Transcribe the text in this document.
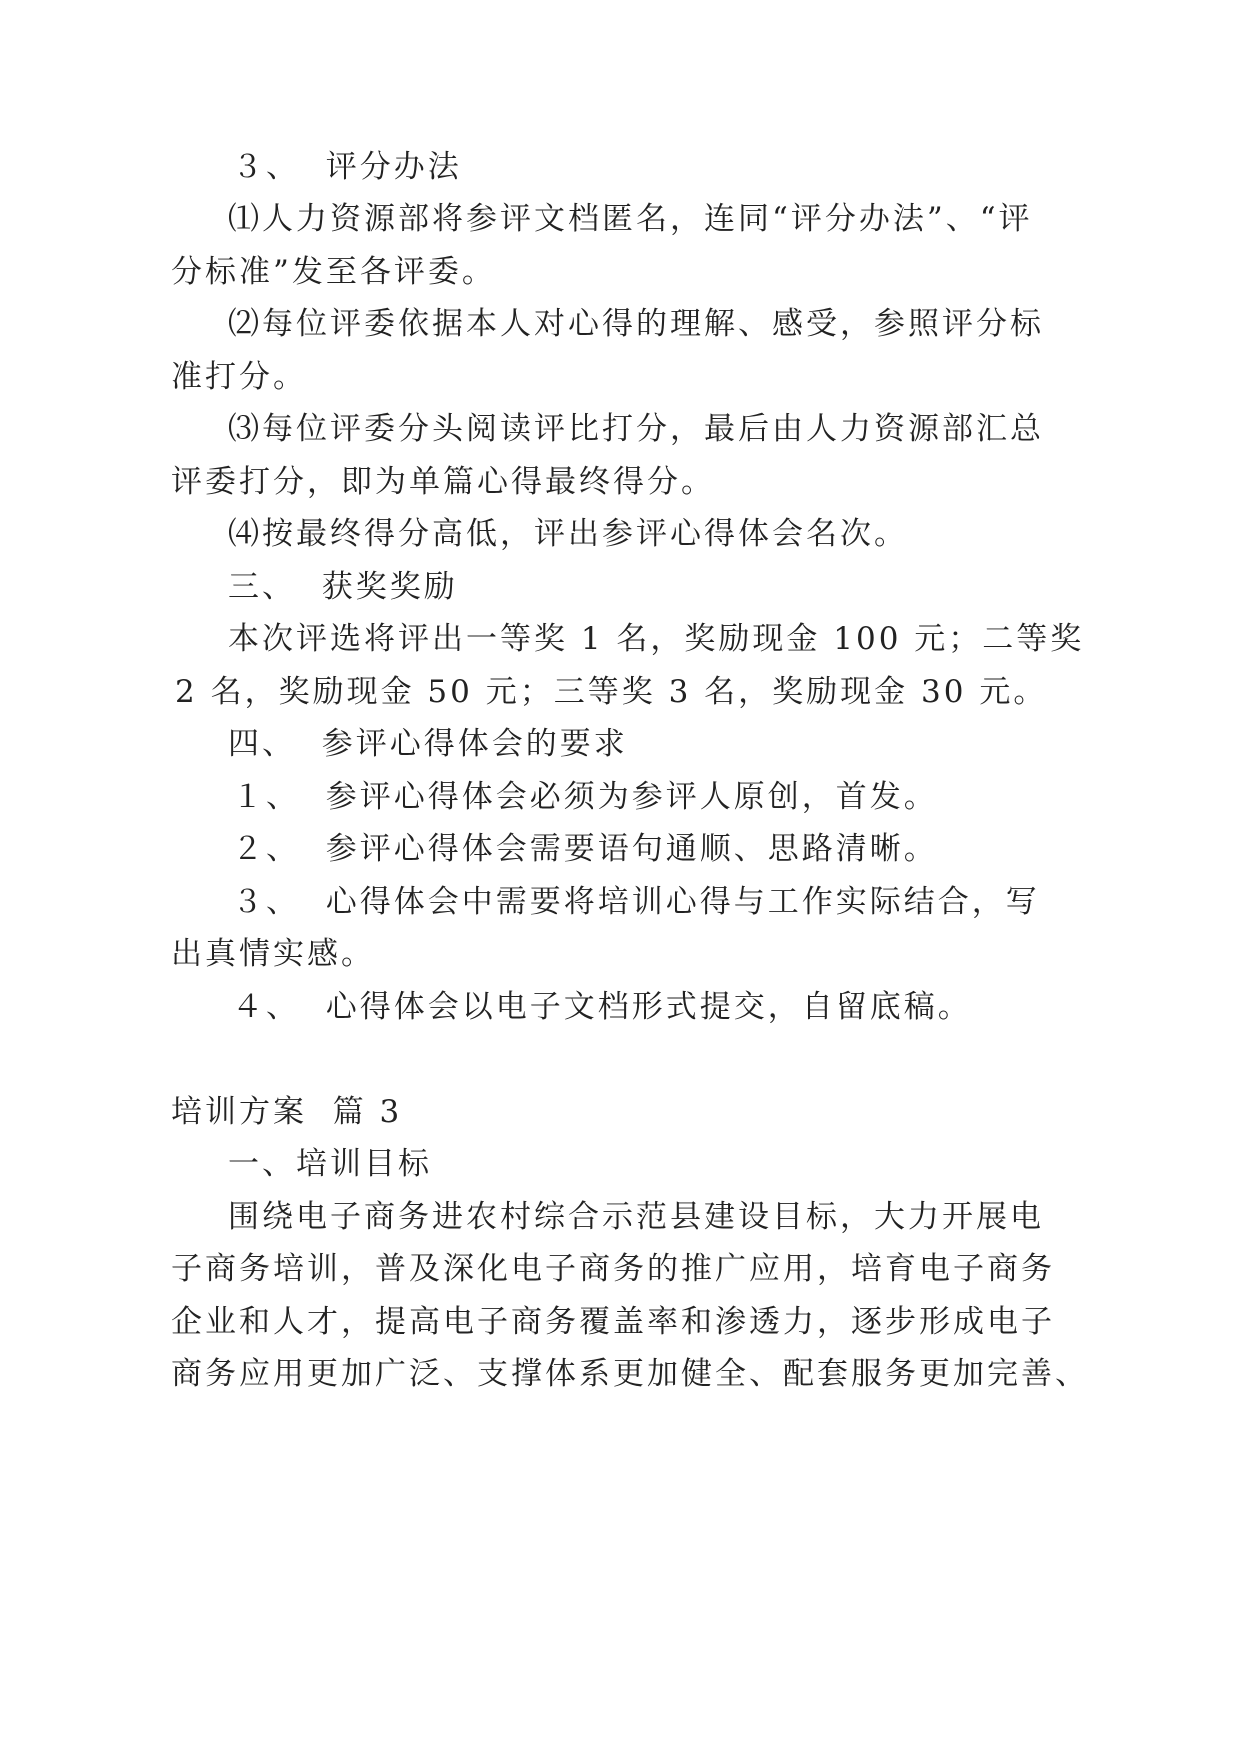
３、  评分办法
⑴人力资源部将参评文档匿名，连同“评分办法”、“评
分标准”发至各评委。
⑵每位评委依据本人对心得的理解、感受，参照评分标
准打分。
⑶每位评委分头阅读评比打分，最后由人力资源部汇总
评委打分，即为单篇心得最终得分。
⑷按最终得分高低，评出参评心得体会名次。
三、  获奖奖励
本次评选将评出一等奖 1 名，奖励现金 100 元；二等奖
2 名，奖励现金 50 元；三等奖 3 名，奖励现金 30 元。
四、  参评心得体会的要求
１、  参评心得体会必须为参评人原创，首发。
２、  参评心得体会需要语句通顺、思路清晰。
３、  心得体会中需要将培训心得与工作实际结合，写
出真情实感。
４、  心得体会以电子文档形式提交，自留底稿。
培训方案  篇 3
一、培训目标
围绕电子商务进农村综合示范县建设目标，大力开展电
子商务培训，普及深化电子商务的推广应用，培育电子商务
企业和人才，提高电子商务覆盖率和渗透力，逐步形成电子
商务应用更加广泛、支撑体系更加健全、配套服务更加完善、
